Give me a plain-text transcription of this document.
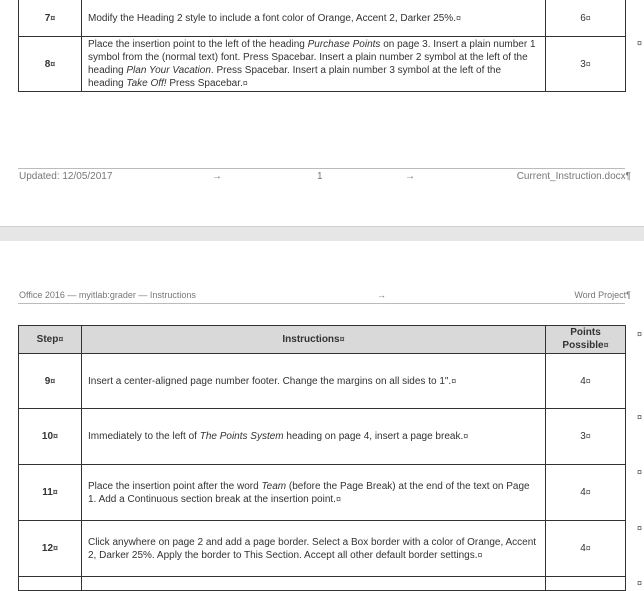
7¤	Modify the Heading 2 style to include a font color of Orange, Accent 2, Darker 25%.¤	6¤
8¤	Place the insertion point to the left of the heading Purchase Points on page 3. Insert a plain number 1 symbol from the (normal text) font. Press Spacebar. Insert a plain number 2 symbol at the left of the heading Plan Your Vacation. Press Spacebar. Insert a plain number 3 symbol at the left of the heading Take Off! Press Spacebar.¤	3¤
¤
Updated: 12/05/2017	→	1	→	Current_Instruction.docx¶
Office 2016 — myitlab:grader — Instructions	→	Word Project¶
Step¤	Instructions¤	Points Possible¤
9¤	Insert a center-aligned page number footer. Change the margins on all sides to 1".¤	4¤
10¤	Immediately to the left of The Points System heading on page 4, insert a page break.¤	3¤
11¤	Place the insertion point after the word Team (before the Page Break) at the end of the text on Page 1. Add a Continuous section break at the insertion point.¤	4¤
12¤	Click anywhere on page 2 and add a page border. Select a Box border with a color of Orange, Accent 2, Darker 25%. Apply the border to This Section. Accept all other default border settings.¤	4¤

¤
¤
¤
¤
¤
